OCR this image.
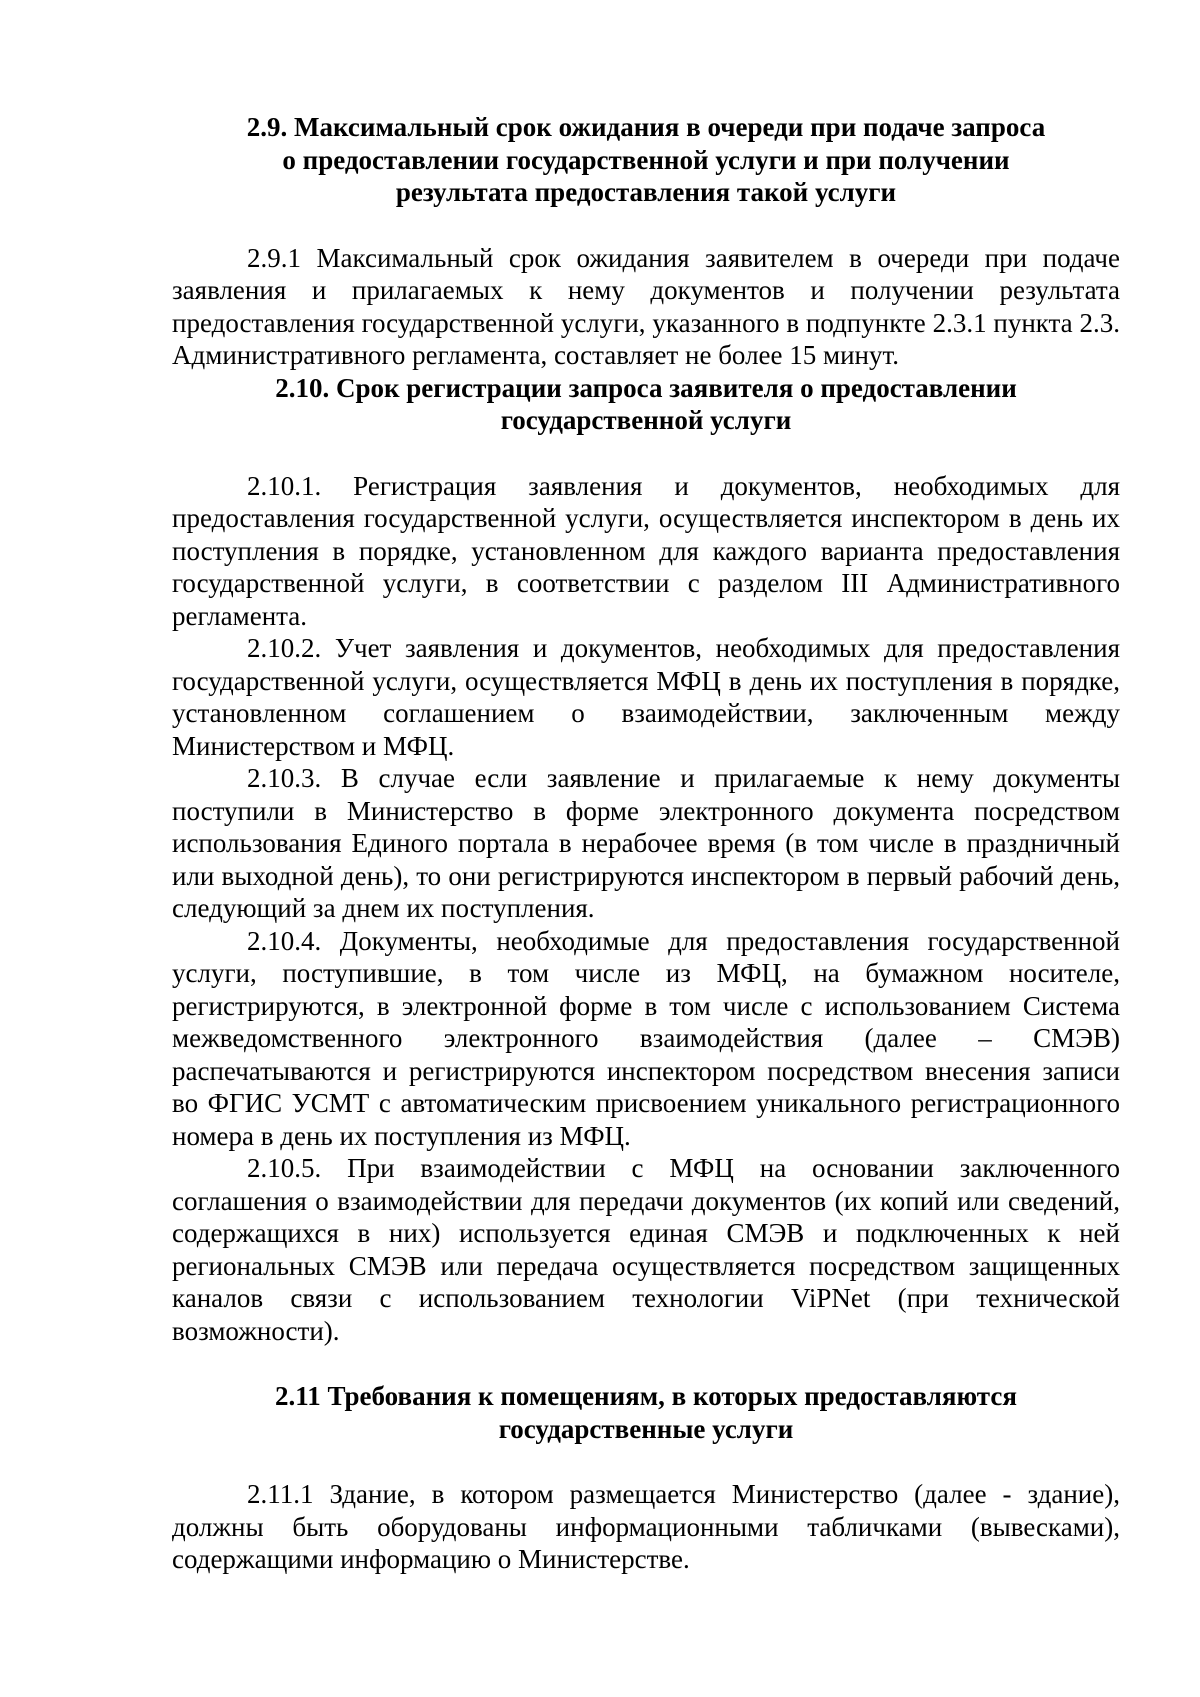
2.9. Максимальный срок ожидания в очереди при подаче запроса
о предоставлении государственной услуги и при получении
результата предоставления такой услуги

2.9.1 Максимальный срок ожидания заявителем в очереди при подаче заявления и прилагаемых к нему документов и получении результата предоставления государственной услуги, указанного в подпункте 2.3.1 пункта 2.3. Административного регламента, составляет не более 15 минут.

2.10. Срок регистрации запроса заявителя о предоставлении
государственной услуги

2.10.1. Регистрация заявления и документов, необходимых для предоставления государственной услуги, осуществляется инспектором в день их поступления в порядке, установленном для каждого варианта предоставления государственной услуги, в соответствии с разделом III Административного регламента.

2.10.2. Учет заявления и документов, необходимых для предоставления государственной услуги, осуществляется МФЦ в день их поступления в порядке, установленном соглашением о взаимодействии, заключенным между Министерством и МФЦ.

2.10.3. В случае если заявление и прилагаемые к нему документы поступили в Министерство в форме электронного документа посредством использования Единого портала в нерабочее время (в том числе в праздничный или выходной день), то они регистрируются инспектором в первый рабочий день, следующий за днем их поступления.

2.10.4. Документы, необходимые для предоставления государственной услуги, поступившие, в том числе из МФЦ, на бумажном носителе, регистрируются, в электронной форме в том числе с использованием Система межведомственного электронного взаимодействия (далее – СМЭВ) распечатываются и регистрируются инспектором посредством внесения записи во ФГИС УСМТ с автоматическим присвоением уникального регистрационного номера в день их поступления из МФЦ.

2.10.5. При взаимодействии с МФЦ на основании заключенного соглашения о взаимодействии для передачи документов (их копий или сведений, содержащихся в них) используется единая СМЭВ и подключенных к ней региональных СМЭВ или передача осуществляется посредством защищенных каналов связи с использованием технологии ViPNet (при технической возможности).

2.11 Требования к помещениям, в которых предоставляются
государственные услуги

2.11.1 Здание, в котором размещается Министерство (далее - здание), должны быть оборудованы информационными табличками (вывесками), содержащими информацию о Министерстве.
